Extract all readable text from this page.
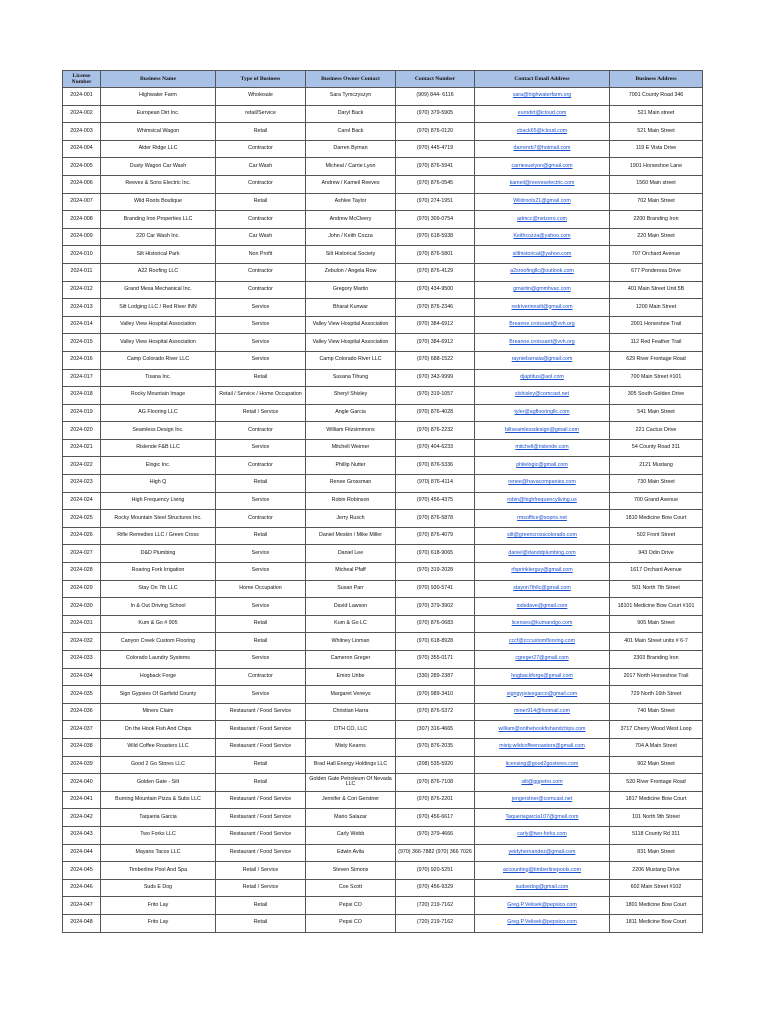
License Number	Business Name	Type of Business	Business Owner Contact	Contact Number	Contact Email Address	Business Address
2024-001	Highwater Farm	Wholesale	Sara Tymczyszyn	(909) 844- 6116	sara@highwaterfarm.org	7001 County Road 346
2024-002	European Dirt Inc.	retail/Service	Daryl Back	(970) 379-5905	eurodirt@icloud.com	521 Main street
2024-003	Whimsical Wagon	Retail	Carol Back	(970) 876-0120	cback65@icloud.com	521 Main Street
2024-004	Alder Ridge LLC	Contractor	Darren Byman	(970) 445-4719	darrenrb7@hotmail.com	119 E Vista Drive
2024-005	Dusty Wagon Car Wash	Car Wash	Micheal / Carrie Lyon	(970) 876-5941	carriesuelyon@gmail.com	1901 Horseshoe Lane
2024-006	Reeves & Sons Electric Inc.	Contractor	Andrew / Kameil Reeves	(970) 876-0545	kameil@reeveselectric.com	1560 Main street
2024-007	Wild Roots Boutique	Retail	Ashlee Taylor	(970) 274-1951	Wildroots21@gmail.com	702 Main Street
2024-008	Branding Iron Properties LLC	Contractor	Andrew McCleery	(970) 309-0754	admcc@netzero.com	2200 Branding Iron
2024-009	220 Car Wash Inc.	Car Wash	John / Keith Cozza	(970) 618-5938	Keithcozza@yahoo.com	220 Main Street
2024-010	Silt Historical Park	Non Profit	Silt Historical Society	(970) 876-5801	silthistorical@yahoo.com	707 Orchard Avenue
2024-011	A22 Roofing LLC	Contractor	Zebulon / Angela Row	(970) 876-4129	a2sroofingllc@outlook.com	677 Ponderosa Drive
2024-012	Grand Mesa Mechanical Inc.	Contractor	Gregory Martin	(970) 434-9500	gmartin@gmmhvac.com	401 Main Street Unit 5B
2024-013	Silt Lodging LLC / Red River INN	Service	Bharat Kunwar	(970) 876-2346	redriverinnsilt@gmail.com	1200 Main Street
2024-014	Valley View Hospital Association	Service	Valley View Hospital Association	(970) 384-6912	Breanne.croissant@vvh.org	2001 Horseshoe Trail
2024-015	Valley View Hospital Association	Service	Valley View Hospital Association	(970) 384-6912	Breanne.croissant@vvh.org	112 Red Feather Trail
2024-016	Camp Colorado River LLC	Service	Camp Colorado River LLC	(970) 688-1522	raynielsenaia@gmail.com	629 River Frontage Road
2024-017	Tisana Inc.	Retail	Susana Tihung	(970) 343-9999	djaptitus@aol.com	700 Main Street #101
2024-018	Rocky Mountain Image	Retail / Service / Home Occupation	Sheryl Shisley	(970) 319-1057	slshisley@comcast.net	305 South Golden Drive
2024-019	AG Flooring LLC	Retail / Service	Angle Garcia	(970) 876-4028	tyler@agflooringllc.com	541 Main Street
2024-020	Seamless Design Inc.	Contractor	William Fitzsimmons	(970) 876-2232	billseamlessdesign@gmail.com	221 Cactus Drive
2024-021	Rislende F&B LLC	Service	Mitchell Weimer	(970) 404-6233	mitchell@rislende.com	54 County Road 311
2024-022	Elogic Inc.	Contractor	Phillip Nutter	(970) 876-5336	philelogic@gmail.com	2121 Mustang
2024-023	High Q	Retail	Renee Grossman	(970) 876-4114	renee@havacompanies.com	730 Main Street
2024-024	High Frequency Living	Service	Robin Robinson	(970) 456-4375	robin@highfrequencyliving.us	700 Grand Avenue
2024-025	Rocky Mountain Steel Structures Inc.	Contractor	Jerry Rusch	(970) 876-5878	rmsoffice@sopris.net	1810 Medicine Bow Court
2024-026	Rifle Remedies LLC / Green Cross	Retail	Daniel Meskin / Mike Miller	(970) 876-4079	silt@greencrosscolorado.com	502 Front Street
2024-027	D&D Plumbing	Service	Daniel Lee	(970) 618-9065	daniel@danddplumbing.com	943 Odin Drive
2024-028	Roaring Fork Irrigation	Service	Micheal Pfaff	(970) 319-2028	rfsprinklerguy@gmail.com	1617 Orchard Avenue
2024-029	Stay On 7th LLC	Home Occupation	Susan Parr	(970) 930-5741	stayon7thllc@gmail.com	501 North 7th Street
2024-030	In & Out Driving School	Service	David Lawson	(970) 379-3902	iodsdave@gmail.com	18101 Medicine Bow Court #101
2024-031	Kum & Go # 905	Retail	Kum & Go LC	(970) 876-0683	licenses@kumandgo.com	905 Main Street
2024-032	Canyon Creek Custom Flooring	Retail	Whitney Linman	(970) 618-8928	cccf@cccustomflooring.com	401 Main Street units # 6-7
2024-033	Colorado Laundry Systems	Service	Cameron Greger	(970) 355-0171	cgreger27@gmail.com	2303 Branding Iron
2024-034	Hogback Forge	Contractor	Emiro Uribe	(330) 289-2387	hogbackforge@gmail.com	2017 North Horseshoe Trail
2024-035	Sign Gypsies Of Garfield County	Service	Margaret Veneys	(970) 989-3410	signgypsiesgarco@gmail.com	729 North 16th Street
2024-036	Miners Claim	Restaurant / Food Service	Christian Harra	(970) 876-5372	miner914@hotmail.com	740 Main Street
2024-037	On the Hook Fish And Chips	Restaurant / Food Service	OTH CO, LLC	(307) 316-4665	william@onthehookfishandchips.com	3717 Cherry Wood West Loop
2024-038	Wild Coffee Roasters LLC	Restaurant / Food Service	Misty Kearns	(970) 876-2035	misty.wildcoffeeroasters@gmail.com	704 A Main Street
2024-039	Good 2 Go Stores LLC	Retail	Brad Hall Energy Holdings LLC	(208) 535-5920	licensing@good2gostores.com	902 Main Street
2024-040	Golden Gate - Silt	Retail	Golden Gate Petroleum Of Nevada LLC	(970) 876-7108	silt@ggpetro.com	520 River Frontage Road
2024-041	Burning Mountain Pizza & Subs LLC	Restaurant / Food Service	Jennifer & Cori Gerstner	(970) 876-2201	jengerstner@comcast.net	1817 Medicine Bow Court
2024-042	Taqueria Garcia	Restaurant / Food Service	Mario Salazar	(970) 456-6617	Taqueriagarcia107@gmail.com	101 North 9th Street
2024-043	Two Forks LLC	Restaurant / Food Service	Carly Webb	(970) 379-4666	carly@two-forks.com	5118 County Rd 311
2024-044	Mayans Tacos LLC	Restaurant / Food Service	Edwin Avila	(970) 366-7882 (970) 366 7026	yeidyhernandez@gmail.com	831 Main Street
2024-045	Timberline Pool And Spa	Retail / Service	Steven Simons	(970) 920-5251	accounting@timberlinepools.com	2206 Mustang Drive
2024-046	Suds E Dog	Retail / Service	Coe Scott	(970) 456-9329	sudsedog@gmail.com	602 Main Street #102
2024-047	Frito Lay	Retail	Pepsi CO	(720) 219-7162	Greg.P.Velisek@pepsico.com	1801 Medicine Bow Court
2024-048	Frito Lay	Retail	Pepsi CO	(720) 219-7162	Greg.P.Velisek@pepsico.com	1811 Medicine Bow Court
